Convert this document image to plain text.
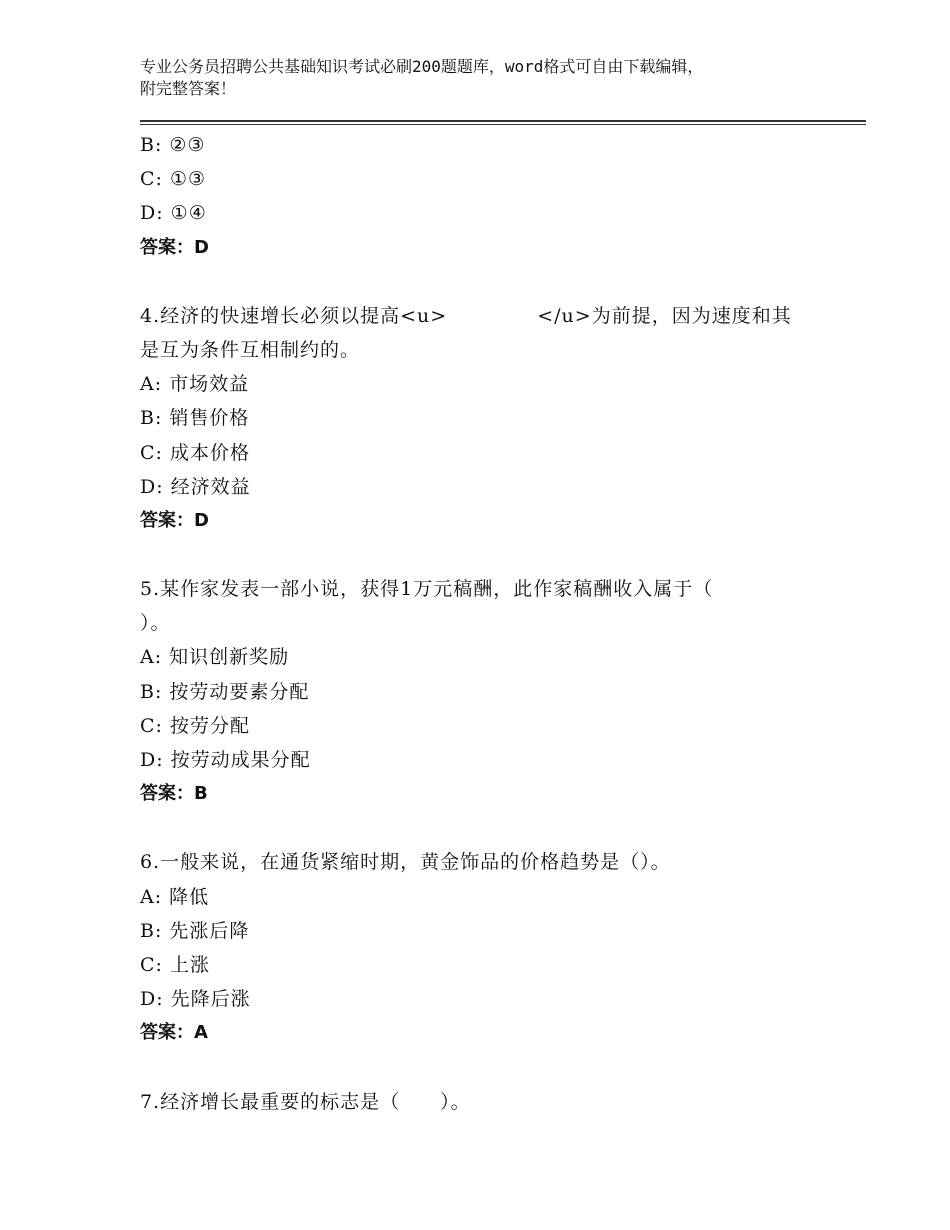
专业公务员招聘公共基础知识考试必刷200题题库，word格式可自由下载编辑，
附完整答案！
B: ②③
C: ①③
D: ①④
答案：D
4.经济的快速增长必须以提高<u>	</u>为前提，因为速度和其
是互为条件互相制约的。
A: 市场效益
B: 销售价格
C: 成本价格
D: 经济效益
答案：D
5.某作家发表一部小说，获得1万元稿酬，此作家稿酬收入属于（
）。
A: 知识创新奖励
B: 按劳动要素分配
C: 按劳分配
D: 按劳动成果分配
答案：B
6.一般来说，在通货紧缩时期，黄金饰品的价格趋势是（）。
A: 降低
B: 先涨后降
C: 上涨
D: 先降后涨
答案：A
7.经济增长最重要的标志是（ ）。
